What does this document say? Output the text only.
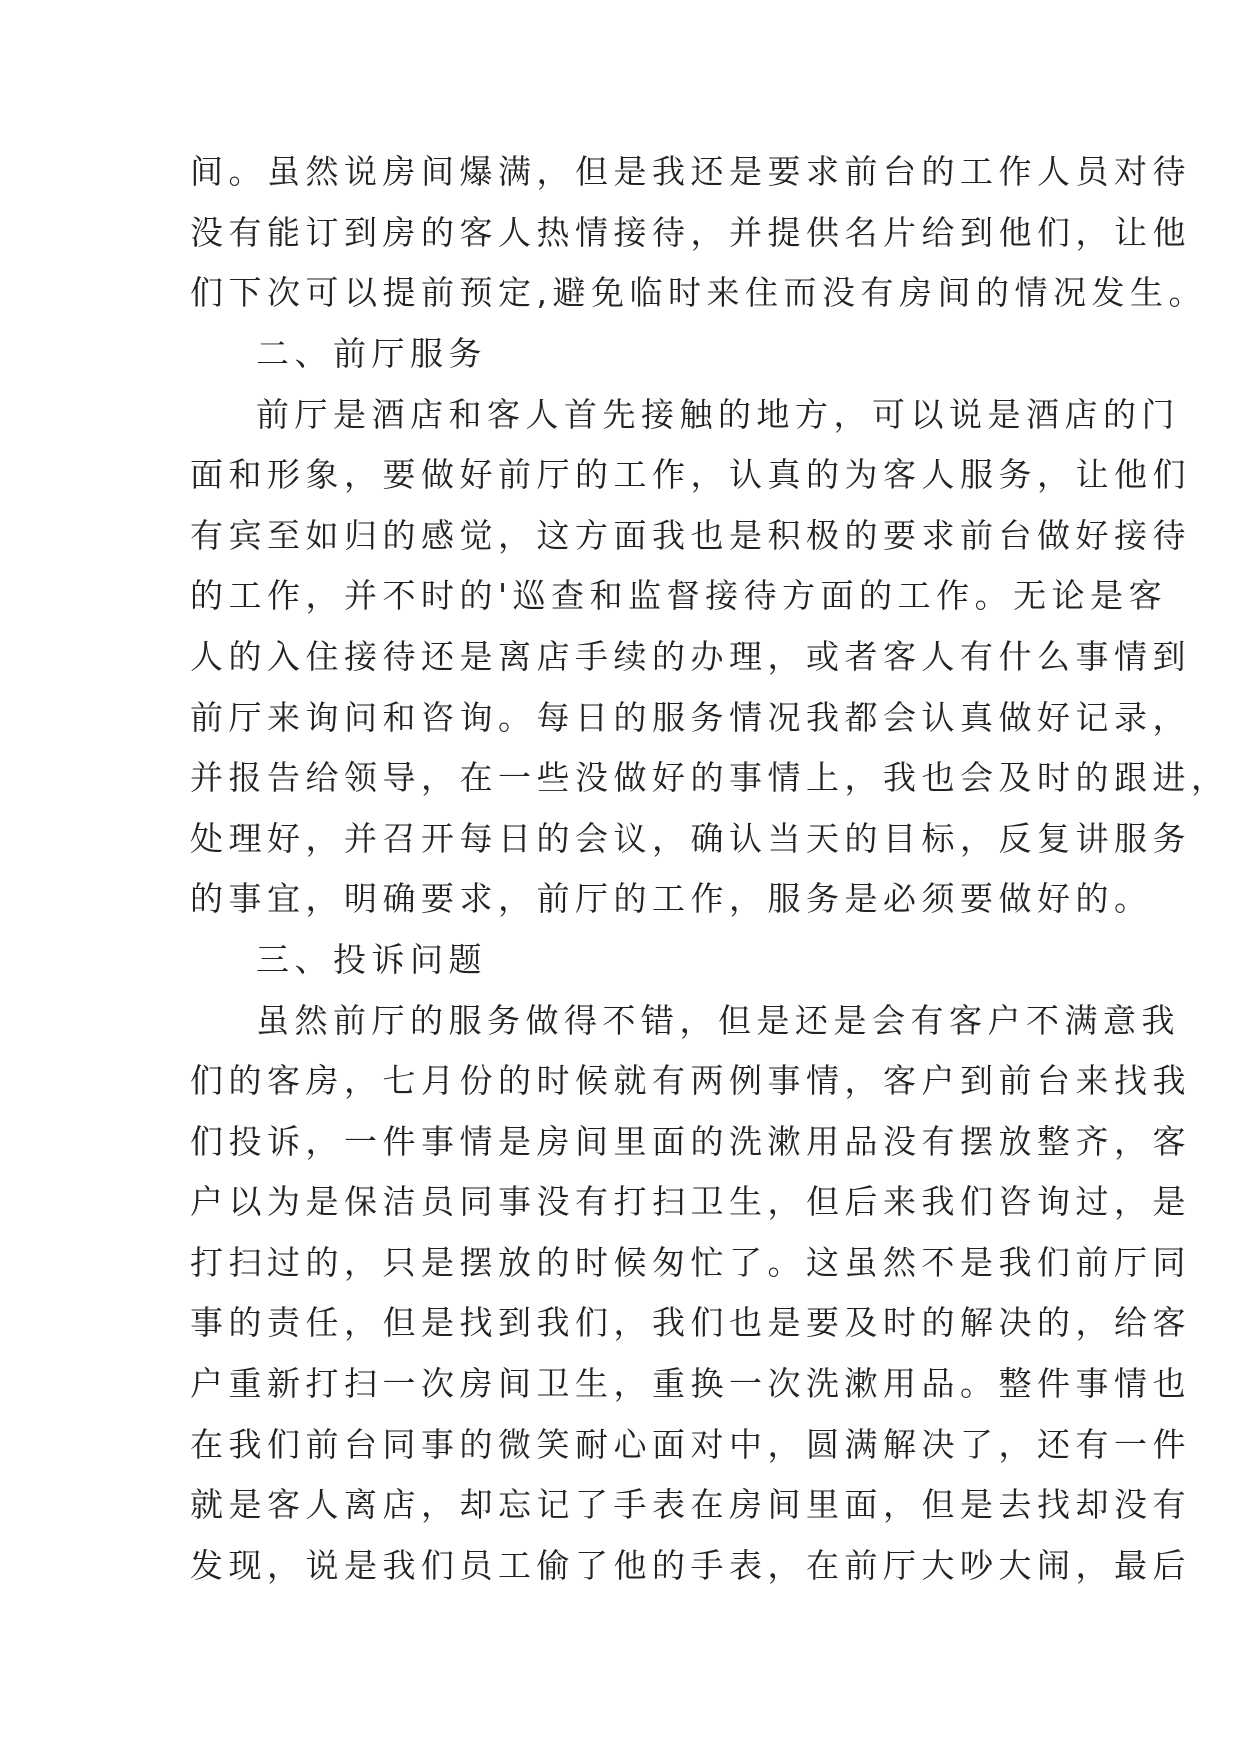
间。虽然说房间爆满，但是我还是要求前台的工作人员对待
没有能订到房的客人热情接待，并提供名片给到他们，让他
们下次可以提前预定,避免临时来住而没有房间的情况发生。
二、前厅服务
前厅是酒店和客人首先接触的地方，可以说是酒店的门
面和形象，要做好前厅的工作，认真的为客人服务，让他们
有宾至如归的感觉，这方面我也是积极的要求前台做好接待
的工作，并不时的'巡查和监督接待方面的工作。无论是客
人的入住接待还是离店手续的办理，或者客人有什么事情到
前厅来询问和咨询。每日的服务情况我都会认真做好记录，
并报告给领导，在一些没做好的事情上，我也会及时的跟进，
处理好，并召开每日的会议，确认当天的目标，反复讲服务
的事宜，明确要求，前厅的工作，服务是必须要做好的。
三、投诉问题
虽然前厅的服务做得不错，但是还是会有客户不满意我
们的客房，七月份的时候就有两例事情，客户到前台来找我
们投诉，一件事情是房间里面的洗漱用品没有摆放整齐，客
户以为是保洁员同事没有打扫卫生，但后来我们咨询过，是
打扫过的，只是摆放的时候匆忙了。这虽然不是我们前厅同
事的责任，但是找到我们，我们也是要及时的解决的，给客
户重新打扫一次房间卫生，重换一次洗漱用品。整件事情也
在我们前台同事的微笑耐心面对中，圆满解决了，还有一件
就是客人离店，却忘记了手表在房间里面，但是去找却没有
发现，说是我们员工偷了他的手表，在前厅大吵大闹，最后
